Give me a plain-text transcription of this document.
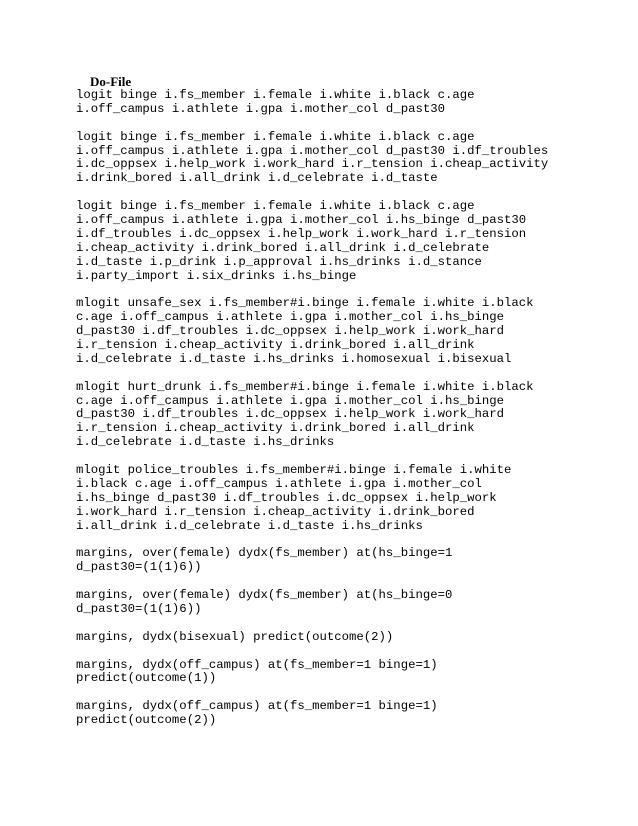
Do-File
logit binge i.fs_member i.female i.white i.black c.age
i.off_campus i.athlete i.gpa i.mother_col d_past30
logit binge i.fs_member i.female i.white i.black c.age
i.off_campus i.athlete i.gpa i.mother_col d_past30 i.df_troubles
i.dc_oppsex i.help_work i.work_hard i.r_tension i.cheap_activity
i.drink_bored i.all_drink i.d_celebrate i.d_taste
logit binge i.fs_member i.female i.white i.black c.age
i.off_campus i.athlete i.gpa i.mother_col i.hs_binge d_past30
i.df_troubles i.dc_oppsex i.help_work i.work_hard i.r_tension
i.cheap_activity i.drink_bored i.all_drink i.d_celebrate
i.d_taste i.p_drink i.p_approval i.hs_drinks i.d_stance
i.party_import i.six_drinks i.hs_binge
mlogit unsafe_sex i.fs_member#i.binge i.female i.white i.black
c.age i.off_campus i.athlete i.gpa i.mother_col i.hs_binge
d_past30 i.df_troubles i.dc_oppsex i.help_work i.work_hard
i.r_tension i.cheap_activity i.drink_bored i.all_drink
i.d_celebrate i.d_taste i.hs_drinks i.homosexual i.bisexual
mlogit hurt_drunk i.fs_member#i.binge i.female i.white i.black
c.age i.off_campus i.athlete i.gpa i.mother_col i.hs_binge
d_past30 i.df_troubles i.dc_oppsex i.help_work i.work_hard
i.r_tension i.cheap_activity i.drink_bored i.all_drink
i.d_celebrate i.d_taste i.hs_drinks
mlogit police_troubles i.fs_member#i.binge i.female i.white
i.black c.age i.off_campus i.athlete i.gpa i.mother_col
i.hs_binge d_past30 i.df_troubles i.dc_oppsex i.help_work
i.work_hard i.r_tension i.cheap_activity i.drink_bored
i.all_drink i.d_celebrate i.d_taste i.hs_drinks
margins, over(female) dydx(fs_member) at(hs_binge=1
d_past30=(1(1)6))
margins, over(female) dydx(fs_member) at(hs_binge=0
d_past30=(1(1)6))
margins, dydx(bisexual) predict(outcome(2))
margins, dydx(off_campus) at(fs_member=1 binge=1)
predict(outcome(1))
margins, dydx(off_campus) at(fs_member=1 binge=1)
predict(outcome(2))
